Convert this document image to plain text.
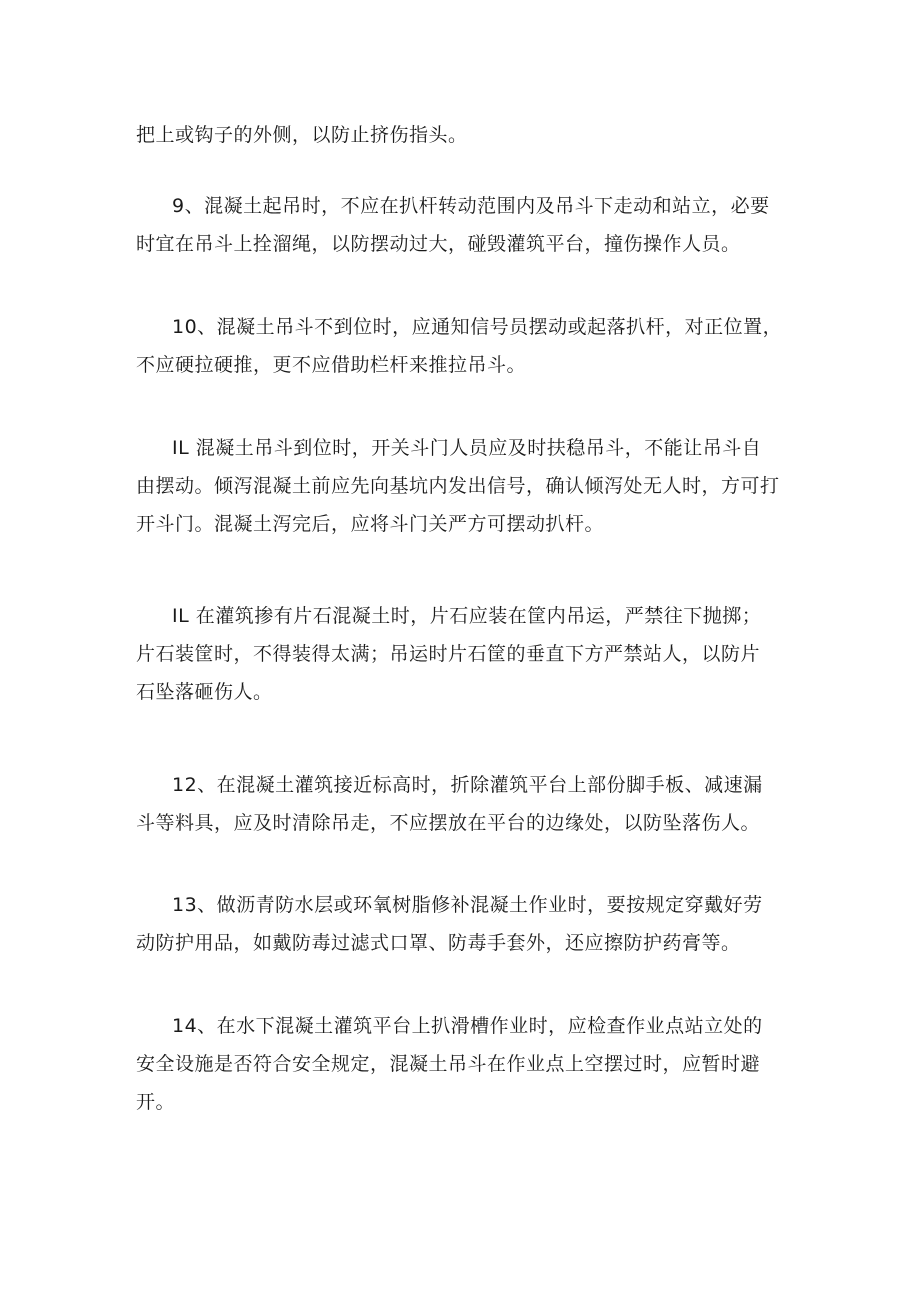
把上或钩子的外侧，以防止挤伤指头。

9、混凝土起吊时，不应在扒杆转动范围内及吊斗下走动和站立，必要
时宜在吊斗上拴溜绳，以防摆动过大，碰毁灌筑平台，撞伤操作人员。

10、混凝土吊斗不到位时，应通知信号员摆动或起落扒杆，对正位置，
不应硬拉硬推，更不应借助栏杆来推拉吊斗。

IL 混凝土吊斗到位时，开关斗门人员应及时扶稳吊斗，不能让吊斗自
由摆动。倾泻混凝土前应先向基坑内发出信号，确认倾泻处无人时，方可打
开斗门。混凝土泻完后，应将斗门关严方可摆动扒杆。

IL 在灌筑掺有片石混凝土时，片石应装在筐内吊运，严禁往下抛掷；
片石装筐时，不得装得太满；吊运时片石筐的垂直下方严禁站人，以防片
石坠落砸伤人。

12、在混凝土灌筑接近标高时，折除灌筑平台上部份脚手板、减速漏
斗等料具，应及时清除吊走，不应摆放在平台的边缘处，以防坠落伤人。

13、做沥青防水层或环氧树脂修补混凝土作业时，要按规定穿戴好劳
动防护用品，如戴防毒过滤式口罩、防毒手套外，还应擦防护药膏等。

14、在水下混凝土灌筑平台上扒滑槽作业时，应检查作业点站立处的
安全设施是否符合安全规定，混凝土吊斗在作业点上空摆过时，应暂时避
开。
